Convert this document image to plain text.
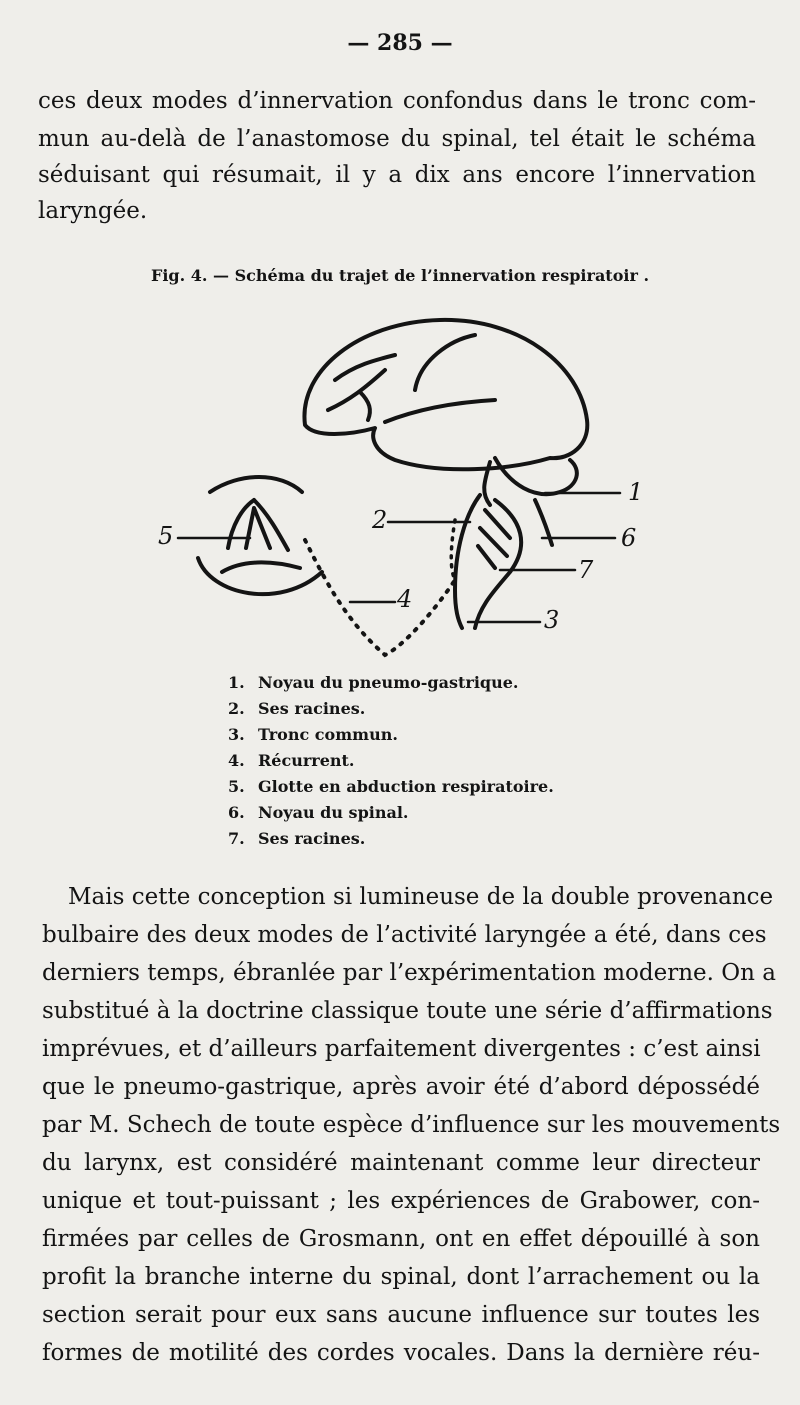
— 285 —
ces deux modes d’innervation confondus dans le tronc com-
mun au-delà de l’anastomose du spinal, tel était le schéma
séduisant qui résumait, il y a dix ans encore l’innervation
laryngée.
Fig. 4. — Schéma du trajet de l’innervation respiratoir .
1
2
3
4
5	6
7
1. Noyau du pneumo-gastrique.
2. Ses racines.
3. Tronc commun.
4. Récurrent.
5. Glotte en abduction respiratoire.
6. Noyau du spinal.
7. Ses racines.
Mais cette conception si lumineuse de la double provenance
bulbaire des deux modes de l’activité laryngée a été, dans ces
derniers temps, ébranlée par l’expérimentation moderne. On a
substitué à la doctrine classique toute une série d’affirmations
imprévues, et d’ailleurs parfaitement divergentes : c’est ainsi
que le pneumo-gastrique, après avoir été d’abord dépossédé
par M. Schech de toute espèce d’influence sur les mouvements
du larynx, est considéré maintenant comme leur directeur
unique et tout-puissant ; les expériences de Grabower, con-
firmées par celles de Grosmann, ont en effet dépouillé à son
profit la branche interne du spinal, dont l’arrachement ou la
section serait pour eux sans aucune influence sur toutes les
formes de motilité des cordes vocales. Dans la dernière réu-
